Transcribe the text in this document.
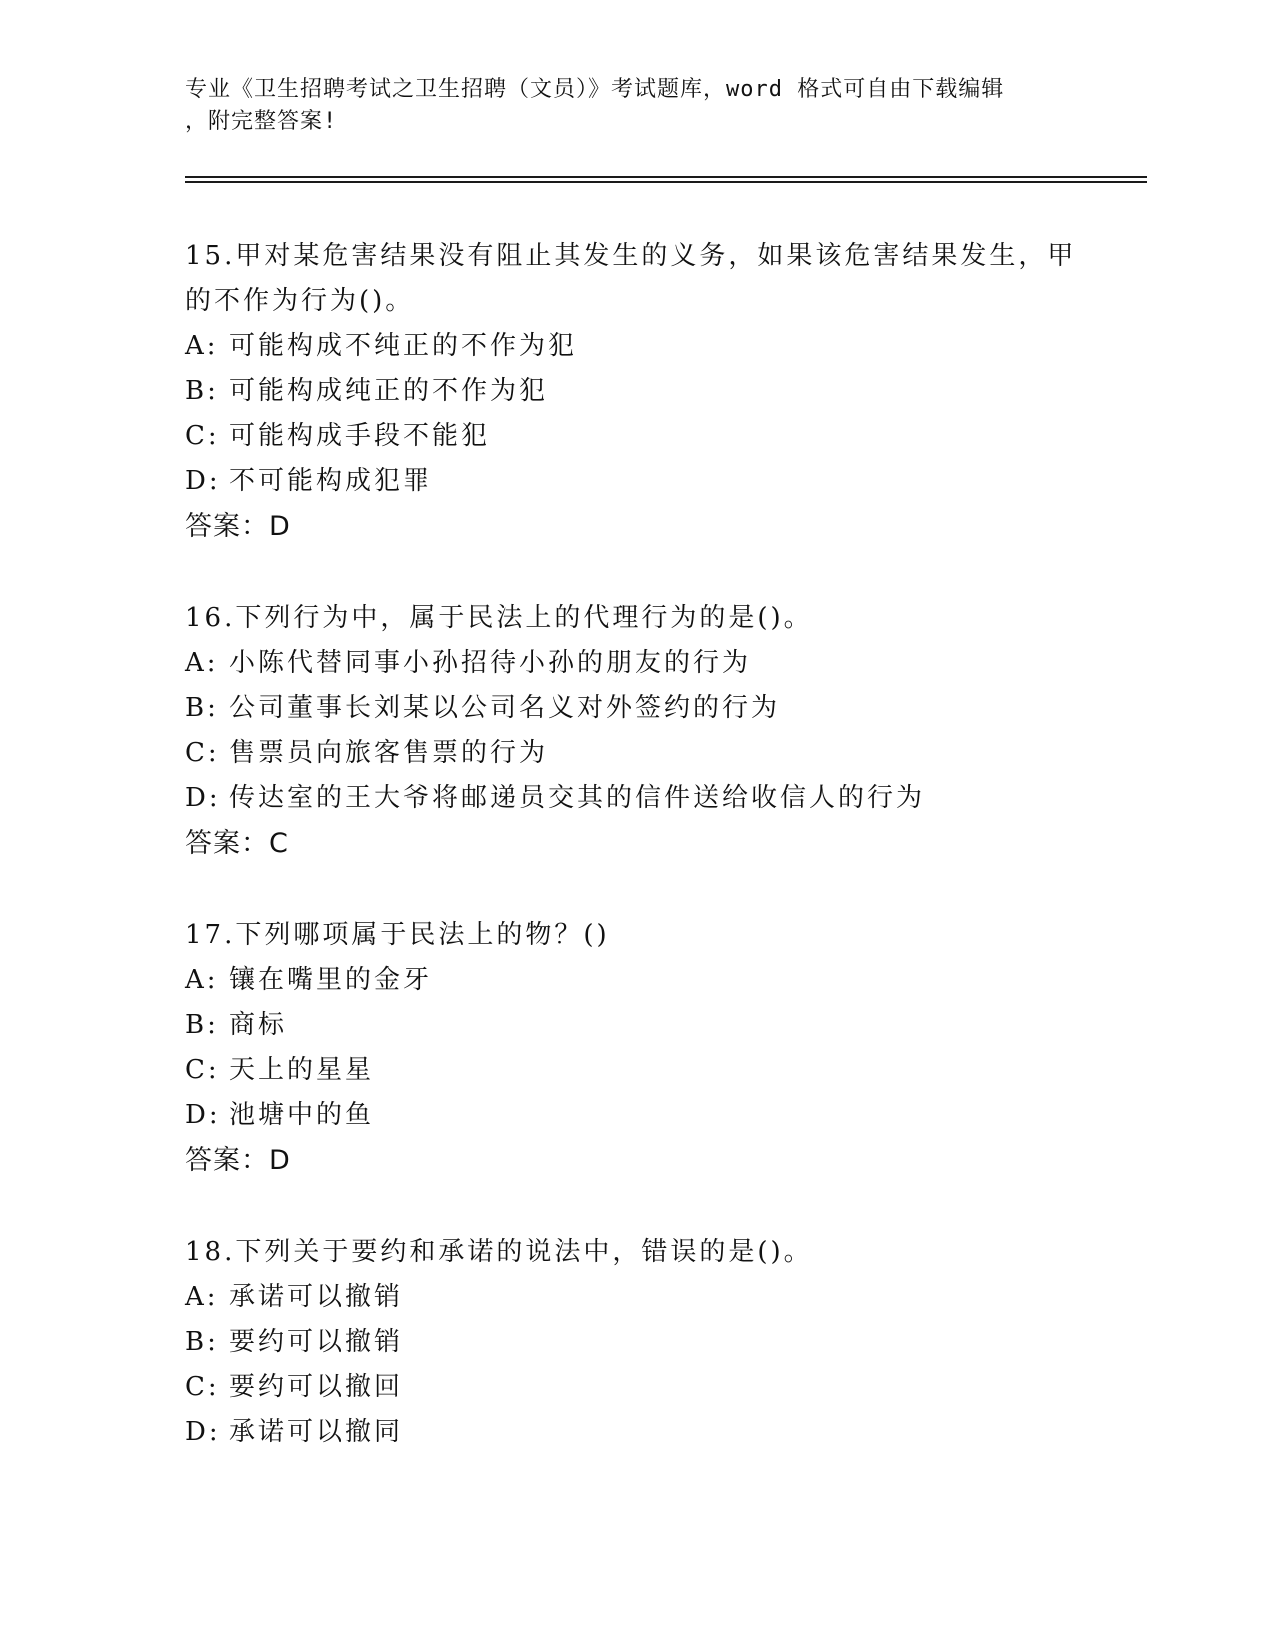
专业《卫生招聘考试之卫生招聘（文员）》考试题库，word 格式可自由下载编辑
，附完整答案!
15.甲对某危害结果没有阻止其发生的义务，如果该危害结果发生，甲
的不作为行为()。
A: 可能构成不纯正的不作为犯
B: 可能构成纯正的不作为犯
C: 可能构成手段不能犯
D: 不可能构成犯罪
答案：D
16.下列行为中，属于民法上的代理行为的是()。
A: 小陈代替同事小孙招待小孙的朋友的行为
B: 公司董事长刘某以公司名义对外签约的行为
C: 售票员向旅客售票的行为
D: 传达室的王大爷将邮递员交其的信件送给收信人的行为
答案：C
17.下列哪项属于民法上的物？()
A: 镶在嘴里的金牙
B: 商标
C: 天上的星星
D: 池塘中的鱼
答案：D
18.下列关于要约和承诺的说法中，错误的是()。
A: 承诺可以撤销
B: 要约可以撤销
C: 要约可以撤回
D: 承诺可以撤同
